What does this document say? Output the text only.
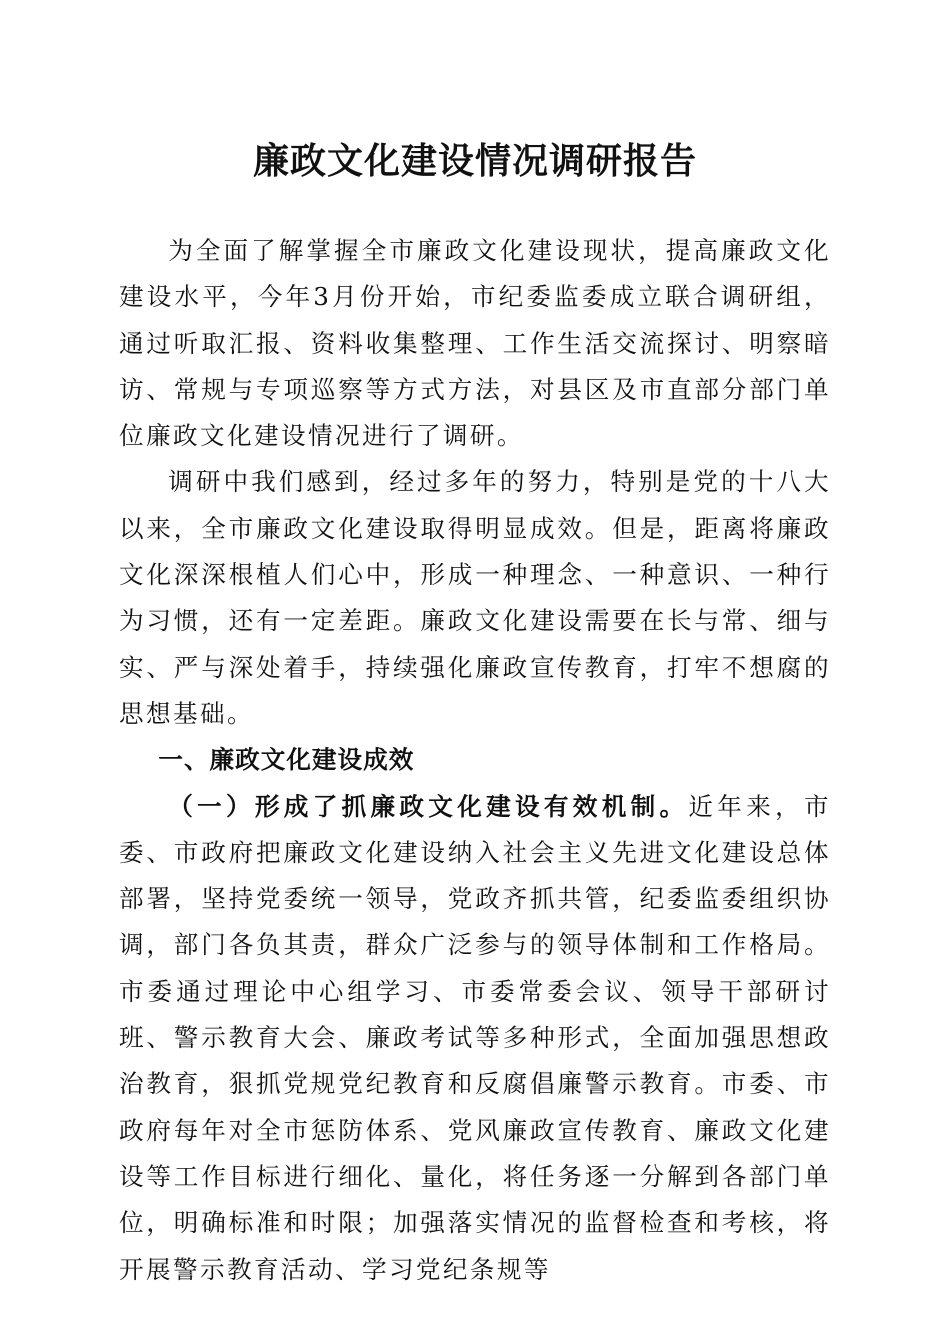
廉政文化建设情况调研报告

为全面了解掌握全市廉政文化建设现状，提高廉政文化建设水平，今年3月份开始，市纪委监委成立联合调研组，通过听取汇报、资料收集整理、工作生活交流探讨、明察暗访、常规与专项巡察等方式方法，对县区及市直部分部门单位廉政文化建设情况进行了调研。

调研中我们感到，经过多年的努力，特别是党的十八大以来，全市廉政文化建设取得明显成效。但是，距离将廉政文化深深根植人们心中，形成一种理念、一种意识、一种行为习惯，还有一定差距。廉政文化建设需要在长与常、细与实、严与深处着手，持续强化廉政宣传教育，打牢不想腐的思想基础。

一、廉政文化建设成效

（一）形成了抓廉政文化建设有效机制。近年来，市委、市政府把廉政文化建设纳入社会主义先进文化建设总体部署，坚持党委统一领导，党政齐抓共管，纪委监委组织协调，部门各负其责，群众广泛参与的领导体制和工作格局。市委通过理论中心组学习、市委常委会议、领导干部研讨班、警示教育大会、廉政考试等多种形式，全面加强思想政治教育，狠抓党规党纪教育和反腐倡廉警示教育。市委、市政府每年对全市惩防体系、党风廉政宣传教育、廉政文化建设等工作目标进行细化、量化，将任务逐一分解到各部门单位，明确标准和时限；加强落实情况的监督检查和考核，将开展警示教育活动、学习党纪条规等
